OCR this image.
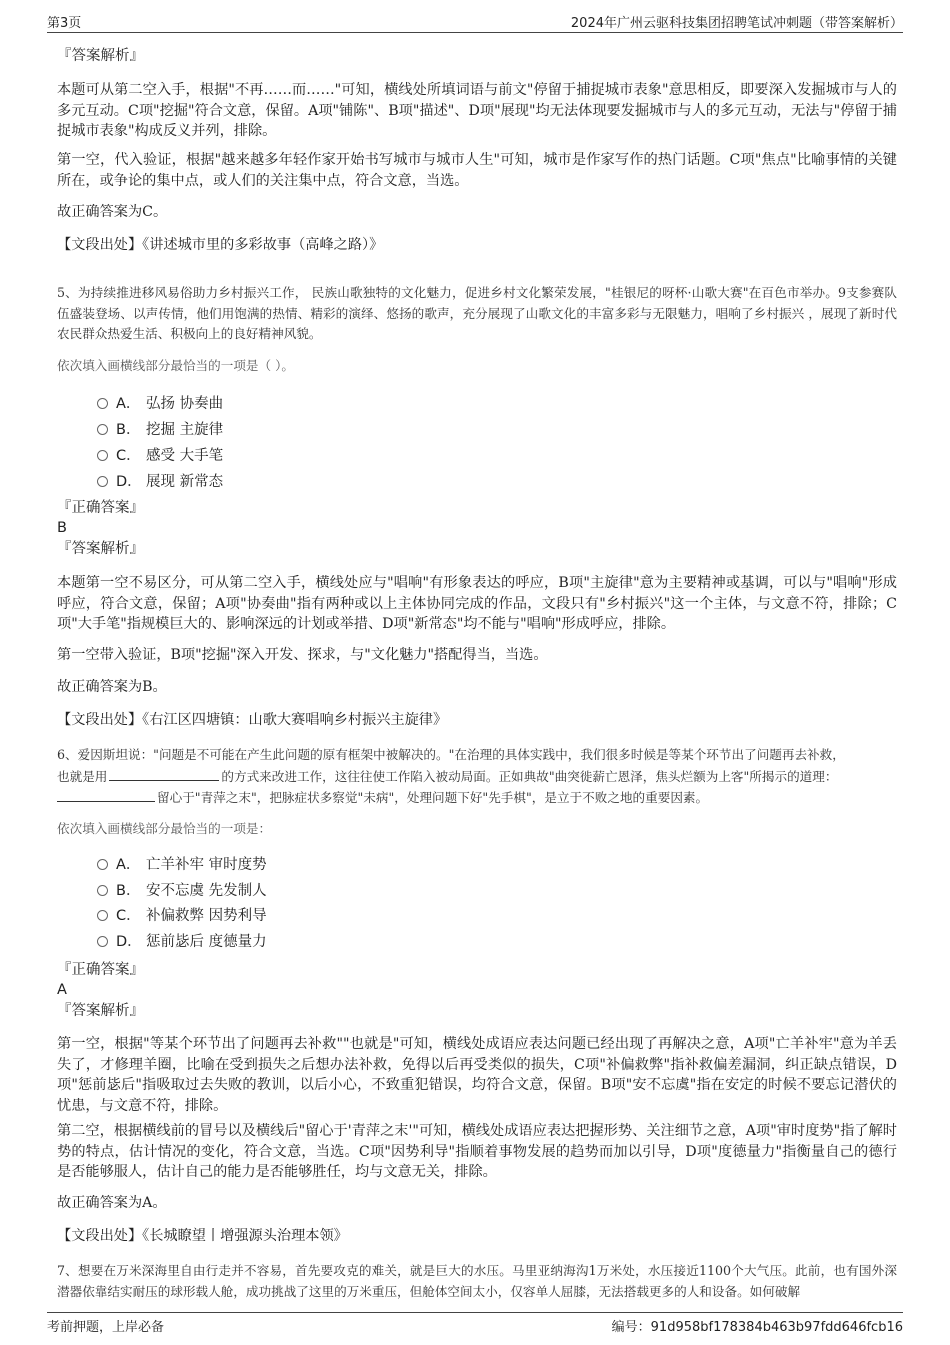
第3页	2024年广州云驱科技集团招聘笔试冲刺题（带答案解析）
『答案解析』
本题可从第二空入手，根据"不再……而……"可知，横线处所填词语与前文"停留于捕捉城市表象"意思相反，即要深入发掘城市与人的多元互动。C项"挖掘"符合文意，保留。A项"铺陈"、B项"描述"、D项"展现"均无法体现要发掘城市与人的多元互动，无法与"停留于捕捉城市表象"构成反义并列，排除。
第一空，代入验证，根据"越来越多年轻作家开始书写城市与城市人生"可知，城市是作家写作的热门话题。C项"焦点"比喻事情的关键所在，或争论的集中点，或人们的关注集中点，符合文意，当选。
故正确答案为C。
【文段出处】《讲述城市里的多彩故事（高峰之路）》
5、为持续推进移风易俗助力乡村振兴工作， 民族山歌独特的文化魅力，促进乡村文化繁荣发展，"桂银尼的呀杯·山歌大赛"在百色市举办。9支参赛队伍盛装登场、以声传情，他们用饱满的热情、精彩的演绎、悠扬的歌声，充分展现了山歌文化的丰富多彩与无限魅力，唱响了乡村振兴 ，展现了新时代农民群众热爱生活、积极向上的良好精神风貌。
依次填入画横线部分最恰当的一项是（ ）。
A． 弘扬 协奏曲
B． 挖掘 主旋律
C． 感受 大手笔
D． 展现 新常态
『正确答案』
B
『答案解析』
本题第一空不易区分，可从第二空入手，横线处应与"唱响"有形象表达的呼应，B项"主旋律"意为主要精神或基调，可以与"唱响"形成呼应，符合文意，保留；A项"协奏曲"指有两种或以上主体协同完成的作品，文段只有"乡村振兴"这一个主体，与文意不符，排除；C项"大手笔"指规模巨大的、影响深远的计划或举措、D项"新常态"均不能与"唱响"形成呼应，排除。
第一空带入验证，B项"挖掘"深入开发、探求，与"文化魅力"搭配得当，当选。
故正确答案为B。
【文段出处】《右江区四塘镇：山歌大赛唱响乡村振兴主旋律》
6、爱因斯坦说："问题是不可能在产生此问题的原有框架中被解决的。"在治理的具体实践中，我们很多时候是等某个环节出了问题再去补救，
也就是用	的方式来改进工作，这往往使工作陷入被动局面。正如典故"曲突徙薪亡恩泽，焦头烂额为上客"所揭示的道理：
留心于"青萍之末"，把脉症状多察觉"未病"，处理问题下好"先手棋"，是立于不败之地的重要因素。
依次填入画横线部分最恰当的一项是：
A． 亡羊补牢 审时度势
B． 安不忘虞 先发制人
C． 补偏救弊 因势利导
D． 惩前毖后 度德量力
『正确答案』
A
『答案解析』
第一空，根据"等某个环节出了问题再去补救""也就是"可知，横线处成语应表达问题已经出现了再解决之意，A项"亡羊补牢"意为羊丢失了，才修理羊圈，比喻在受到损失之后想办法补救，免得以后再受类似的损失，C项"补偏救弊"指补救偏差漏洞，纠正缺点错误，D项"惩前毖后"指吸取过去失败的教训，以后小心，不致重犯错误，均符合文意，保留。B项"安不忘虞"指在安定的时候不要忘记潜伏的忧患，与文意不符，排除。
第二空，根据横线前的冒号以及横线后"留心于'青萍之末'"可知，横线处成语应表达把握形势、关注细节之意，A项"审时度势"指了解时势的特点，估计情况的变化，符合文意，当选。C项"因势利导"指顺着事物发展的趋势而加以引导，D项"度德量力"指衡量自己的德行是否能够服人，估计自己的能力是否能够胜任，均与文意无关，排除。
故正确答案为A。
【文段出处】《长城瞭望丨增强源头治理本领》
7、想要在万米深海里自由行走并不容易，首先要攻克的难关，就是巨大的水压。马里亚纳海沟1万米处，水压接近1100个大气压。此前，也有国外深潜器依靠结实耐压的球形载人舱，成功挑战了这里的万米重压，但舱体空间太小，仅容单人屈膝，无法搭载更多的人和设备。如何破解
考前押题，上岸必备	编号：91d958bf178384b463b97fdd646fcb16
